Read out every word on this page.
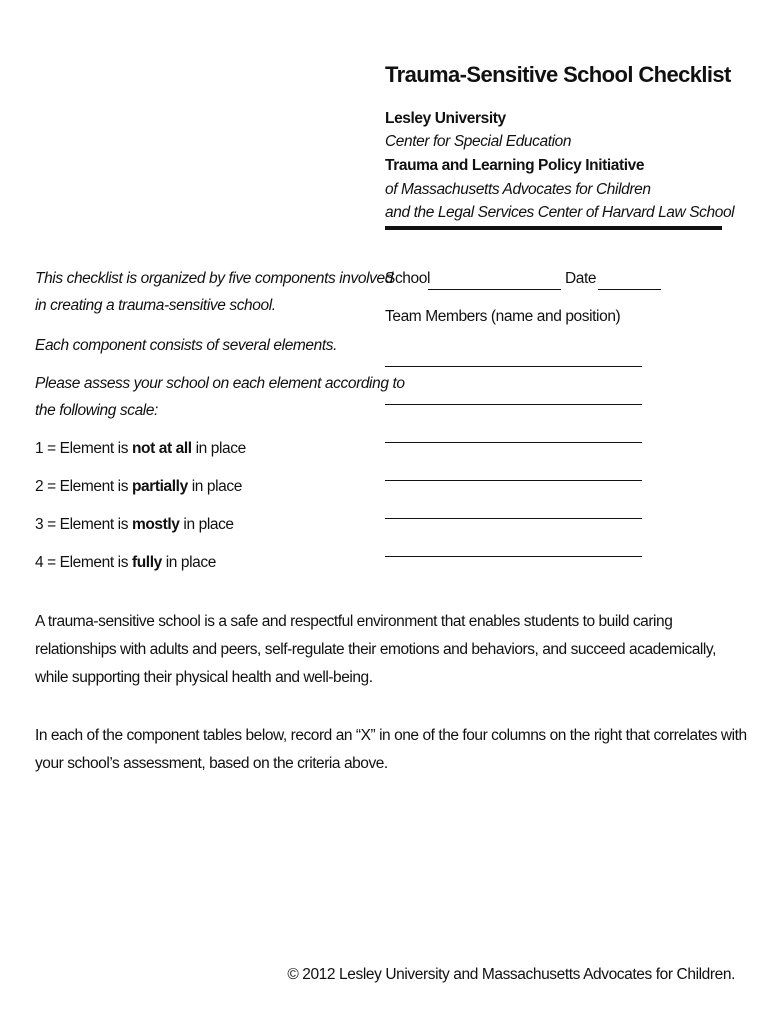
Trauma-Sensitive School Checklist
Lesley University
Center for Special Education
Trauma and Learning Policy Initiative
of Massachusetts Advocates for Children
and the Legal Services Center of Harvard Law School
This checklist is organized by five components involved
in creating a trauma-sensitive school.
Each component consists of several elements.
Please assess your school on each element according to
the following scale:
1 = Element is not at all in place
2 = Element is partially in place
3 = Element is mostly in place
4 = Element is fully in place
School	Date
Team Members (name and position)
A trauma-sensitive school is a safe and respectful environment that enables students to build caring relationships with adults and peers, self-regulate their emotions and behaviors, and succeed academically, while supporting their physical health and well-being.
In each of the component tables below, record an “X” in one of the four columns on the right that correlates with your school’s assessment, based on the criteria above.
© 2012 Lesley University and Massachusetts Advocates for Children.
